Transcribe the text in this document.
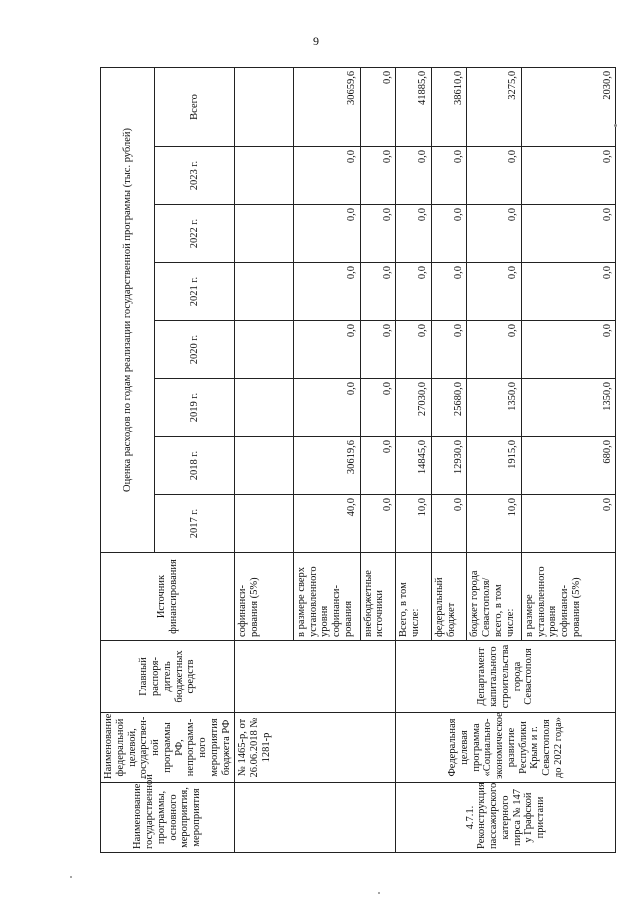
9
Наименование государственной программы, основного мероприятия, мероприятия	Наименование федеральной целевой, государствен-ной программы РФ, непрограмм-ного мероприятия бюджета РФ	Главный распоря-дитель бюджетных средств	Источник финансирования	Оценка расходов по годам реализации государственной программы (тыс. рублей)							
				2017 г.	2018 г.	2019 г.	2020 г.	2021 г.	2022 г.	2023 г.	Всего
	№ 1465-р, от 26.06.2018 № 1281-р		софинанси-рования (5%)								
			в размере сверх установленного уровня софинанси-рования	40,0	30619,6	0,0	0,0	0,0	0,0	0,0	30659,6
			внебюджетные источники	0,0	0,0	0,0	0,0	0,0	0,0	0,0	0,0
4.7.1. Реконструкция пассажирского катерного пирса № 147 у Графской пристани	Федеральная целевая программа «Социально-экономическое развитие Республики Крым и г. Севастополя до 2022 года»	Департамент капитального строительства города Севастополя	Всего, в том числе:	10,0	14845,0	27030,0	0,0	0,0	0,0	0,0	41885,0
			федеральный бюджет	0,0	12930,0	25680,0	0,0	0,0	0,0	0,0	38610,0
			бюджет города Севастополя/всего, в том числе:	10,0	1915,0	1350,0	0,0	0,0	0,0	0,0	3275,0
			в размере установленного уровня софинанси-рования (5%)	0,0	680,0	1350,0	0,0	0,0	0,0	0,0	2030,0
